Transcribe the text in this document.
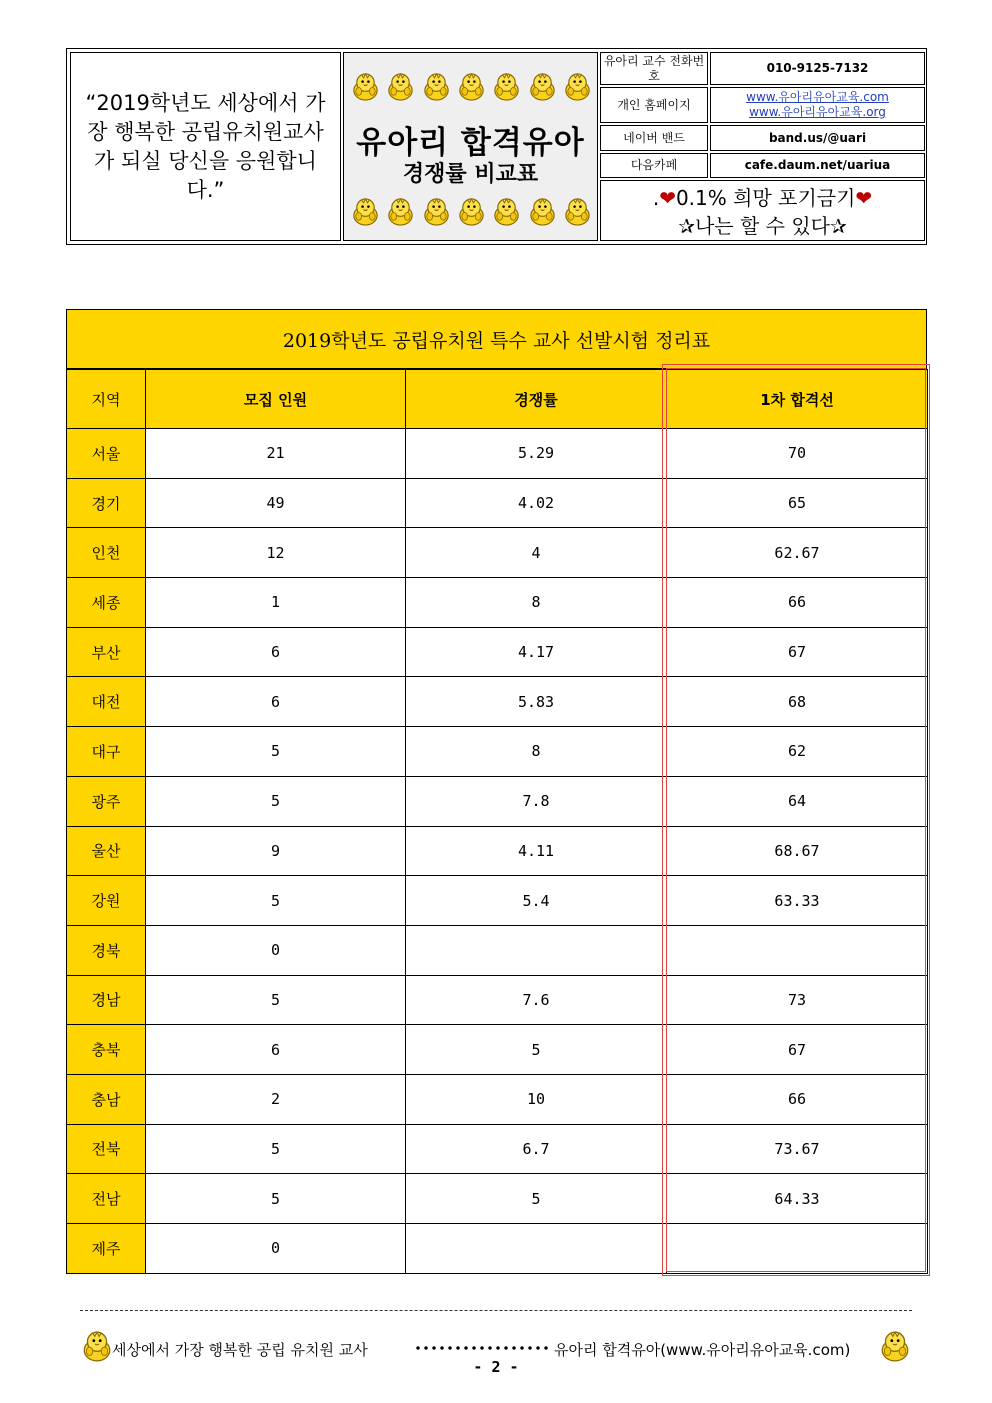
“2019학년도 세상에서 가장 행복한 공립유치원교사가 되실 당신을 응원합니다.”
유아리 합격유아
경쟁률 비교표
유아리 교수 전화번호
010-9125-7132
개인 홈페이지
www.유아리유아교육.com
www.유아리유아교육.org
네이버 밴드	band.us/@uari
다음카페	cafe.daum.net/uariua
.❤0.1% 희망 포기금기❤
✰나는 할 수 있다✰
2019학년도 공립유치원 특수 교사 선발시험 정리표
지역	모집 인원	경쟁률	1차 합격선
서울	21	5.29	70
경기	49	4.02	65
인천	12	4	62.67
세종	1	8	66
부산	6	4.17	67
대전	6	5.83	68
대구	5	8	62
광주	5	7.8	64
울산	9	4.11	68.67
강원	5	5.4	63.33
경북	0		
경남	5	7.6	73
충북	6	5	67
충남	2	10	66
전북	5	6.7	73.67
전남	5	5	64.33
제주	0		
세상에서 가장 행복한 공립 유치원 교사	유아리 합격유아(www.유아리유아교육.com)
- 2 -
